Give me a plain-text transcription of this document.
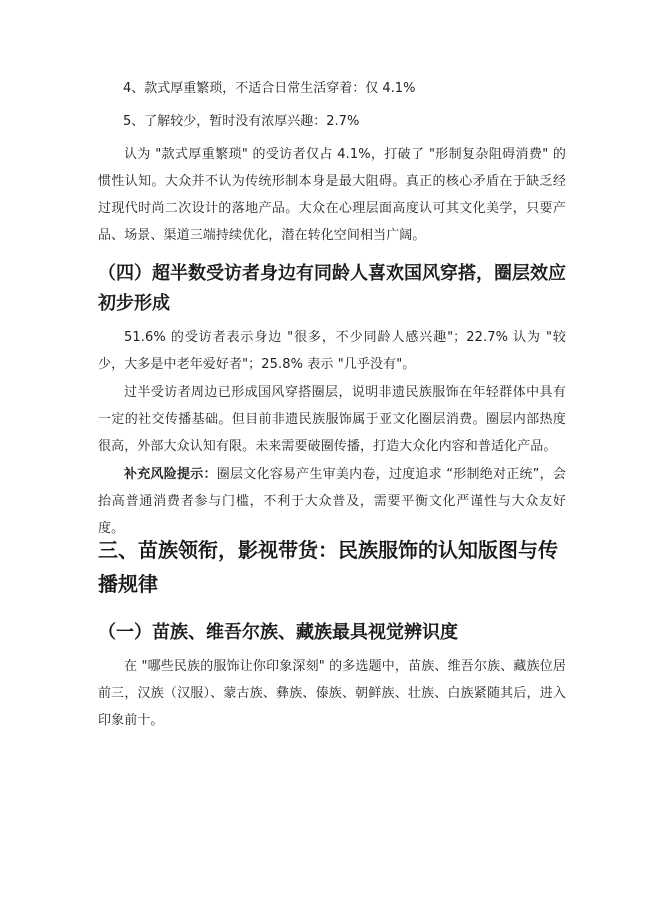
4、款式厚重繁琐，不适合日常生活穿着：仅 4.1%

5、了解较少，暂时没有浓厚兴趣：2.7%

认为 "款式厚重繁琐" 的受访者仅占 4.1%，打破了 "形制复杂阻碍消费" 的惯性认知。大众并不认为传统形制本身是最大阻碍。真正的核心矛盾在于缺乏经过现代时尚二次设计的落地产品。大众在心理层面高度认可其文化美学，只要产品、场景、渠道三端持续优化，潜在转化空间相当广阔。

（四）超半数受访者身边有同龄人喜欢国风穿搭，圈层效应初步形成

51.6% 的受访者表示身边 "很多，不少同龄人感兴趣"；22.7% 认为 "较少，大多是中老年爱好者"；25.8% 表示 "几乎没有"。

过半受访者周边已形成国风穿搭圈层，说明非遗民族服饰在年轻群体中具有一定的社交传播基础。但目前非遗民族服饰属于亚文化圈层消费。圈层内部热度很高，外部大众认知有限。未来需要破圈传播，打造大众化内容和普适化产品。

补充风险提示：圈层文化容易产生审美内卷，过度追求 “形制绝对正统”，会抬高普通消费者参与门槛，不利于大众普及，需要平衡文化严谨性与大众友好度。

三、苗族领衔，影视带货：民族服饰的认知版图与传播规律
（一）苗族、维吾尔族、藏族最具视觉辨识度

在 "哪些民族的服饰让你印象深刻" 的多选题中，苗族、维吾尔族、藏族位居前三，汉族（汉服）、蒙古族、彝族、傣族、朝鲜族、壮族、白族紧随其后，进入印象前十。
